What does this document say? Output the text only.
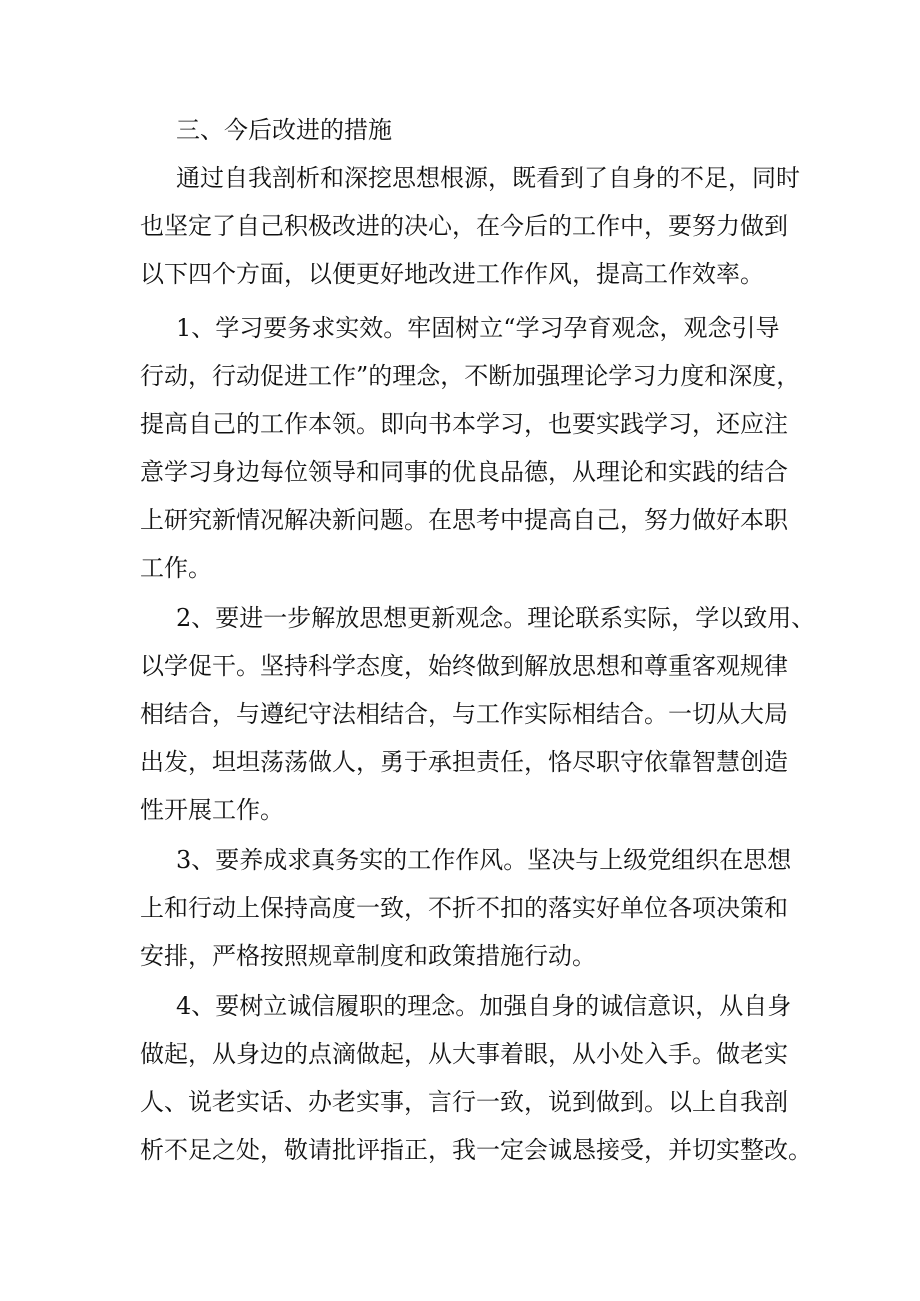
三、今后改进的措施
通过自我剖析和深挖思想根源，既看到了自身的不足，同时
也坚定了自己积极改进的决心，在今后的工作中，要努力做到
以下四个方面，以便更好地改进工作作风，提高工作效率。
1、学习要务求实效。牢固树立“学习孕育观念，观念引导
行动，行动促进工作”的理念，不断加强理论学习力度和深度，
提高自己的工作本领。即向书本学习，也要实践学习，还应注
意学习身边每位领导和同事的优良品德，从理论和实践的结合
上研究新情况解决新问题。在思考中提高自己，努力做好本职
工作。
2、要进一步解放思想更新观念。理论联系实际，学以致用、
以学促干。坚持科学态度，始终做到解放思想和尊重客观规律
相结合，与遵纪守法相结合，与工作实际相结合。一切从大局
出发，坦坦荡荡做人，勇于承担责任，恪尽职守依靠智慧创造
性开展工作。
3、要养成求真务实的工作作风。坚决与上级党组织在思想
上和行动上保持高度一致，不折不扣的落实好单位各项决策和
安排，严格按照规章制度和政策措施行动。
4、要树立诚信履职的理念。加强自身的诚信意识，从自身
做起，从身边的点滴做起，从大事着眼，从小处入手。做老实
人、说老实话、办老实事，言行一致，说到做到。以上自我剖
析不足之处，敬请批评指正，我一定会诚恳接受，并切实整改。
